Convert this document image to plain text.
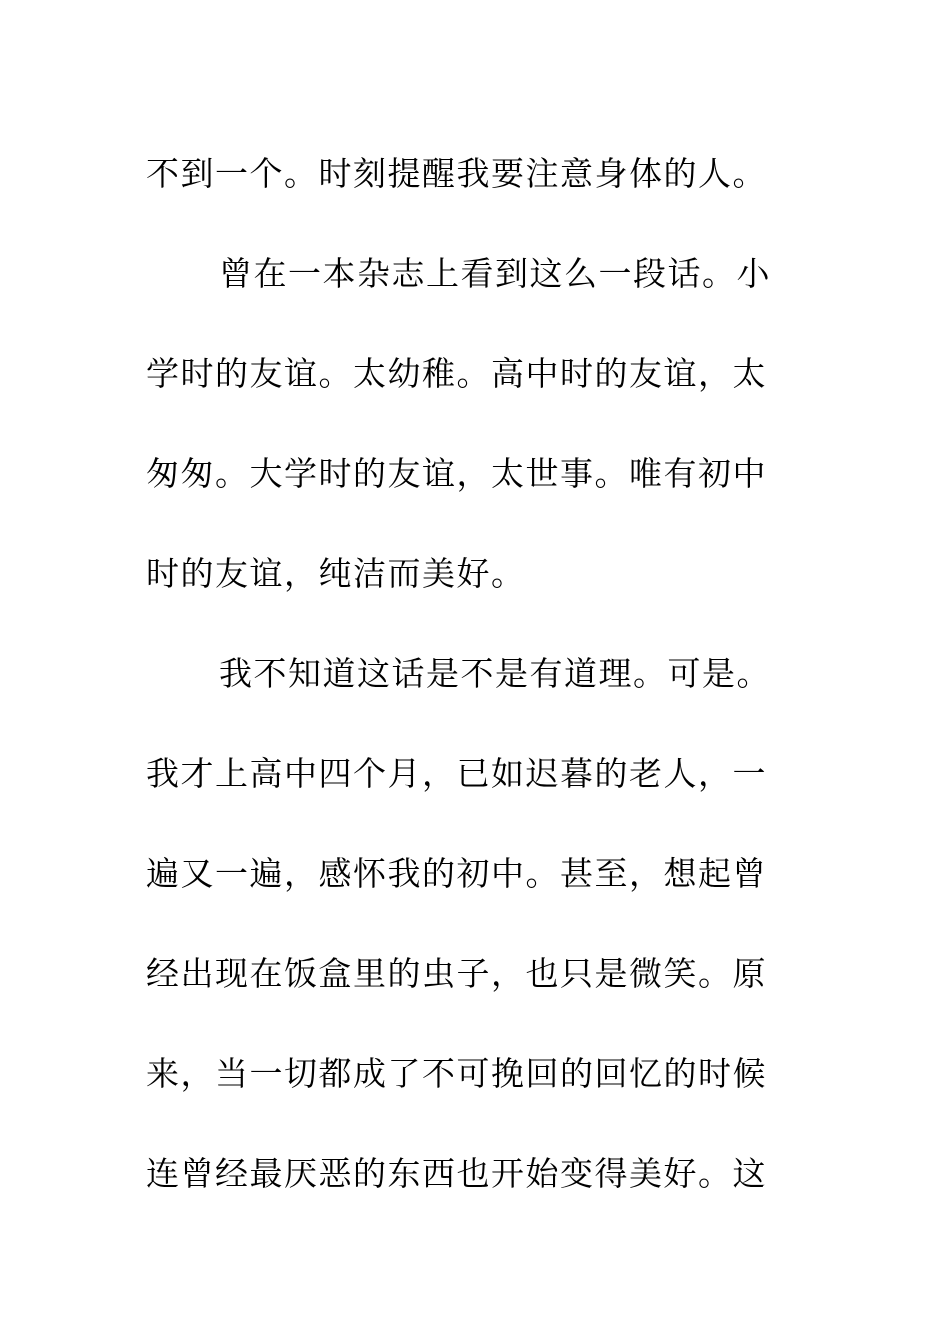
不到一个。时刻提醒我要注意身体的人。
曾在一本杂志上看到这么一段话。小
学时的友谊。太幼稚。高中时的友谊，太
匆匆。大学时的友谊，太世事。唯有初中
时的友谊，纯洁而美好。
我不知道这话是不是有道理。可是。
我才上高中四个月，已如迟暮的老人，一
遍又一遍，感怀我的初中。甚至，想起曾
经出现在饭盒里的虫子，也只是微笑。原
来，当一切都成了不可挽回的回忆的时候
连曾经最厌恶的东西也开始变得美好。这
